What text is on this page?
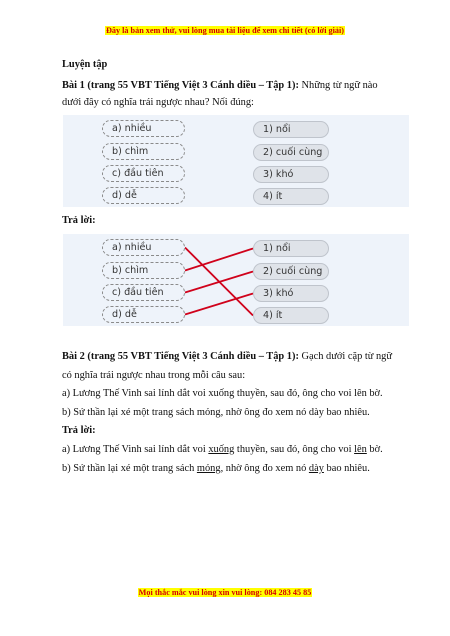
Đây là bản xem thử, vui lòng mua tài liệu để xem chi tiết (có lời giải)
Luyện tập
Bài 1 (trang 55 VBT Tiếng Việt 3 Cánh diều – Tập 1): Những từ ngữ nào
dưới đây có nghĩa trái ngược nhau? Nối đúng:
a) nhiều
b) chìm
c) đầu tiên
d) dễ
1) nổi
2) cuối cùng
3) khó
4) ít
Trả lời:
a) nhiều
b) chìm
c) đầu tiên
d) dễ
1) nổi
2) cuối cùng
3) khó
4) ít
Bài 2 (trang 55 VBT Tiếng Việt 3 Cánh diều – Tập 1): Gạch dưới cặp từ ngữ
có nghĩa trái ngược nhau trong mỗi câu sau:
a) Lương Thế Vinh sai lính dắt voi xuống thuyền, sau đó, ông cho voi lên bờ.
b) Sứ thần lại xé một trang sách mỏng, nhờ ông đo xem nó dày bao nhiêu.
Trả lời:
a) Lương Thế Vinh sai lính dắt voi xuống thuyền, sau đó, ông cho voi lên bờ.
b) Sứ thần lại xé một trang sách mỏng, nhờ ông đo xem nó dày bao nhiêu.
Mọi thắc mắc vui lòng xin vui lòng: 084 283 45 85
